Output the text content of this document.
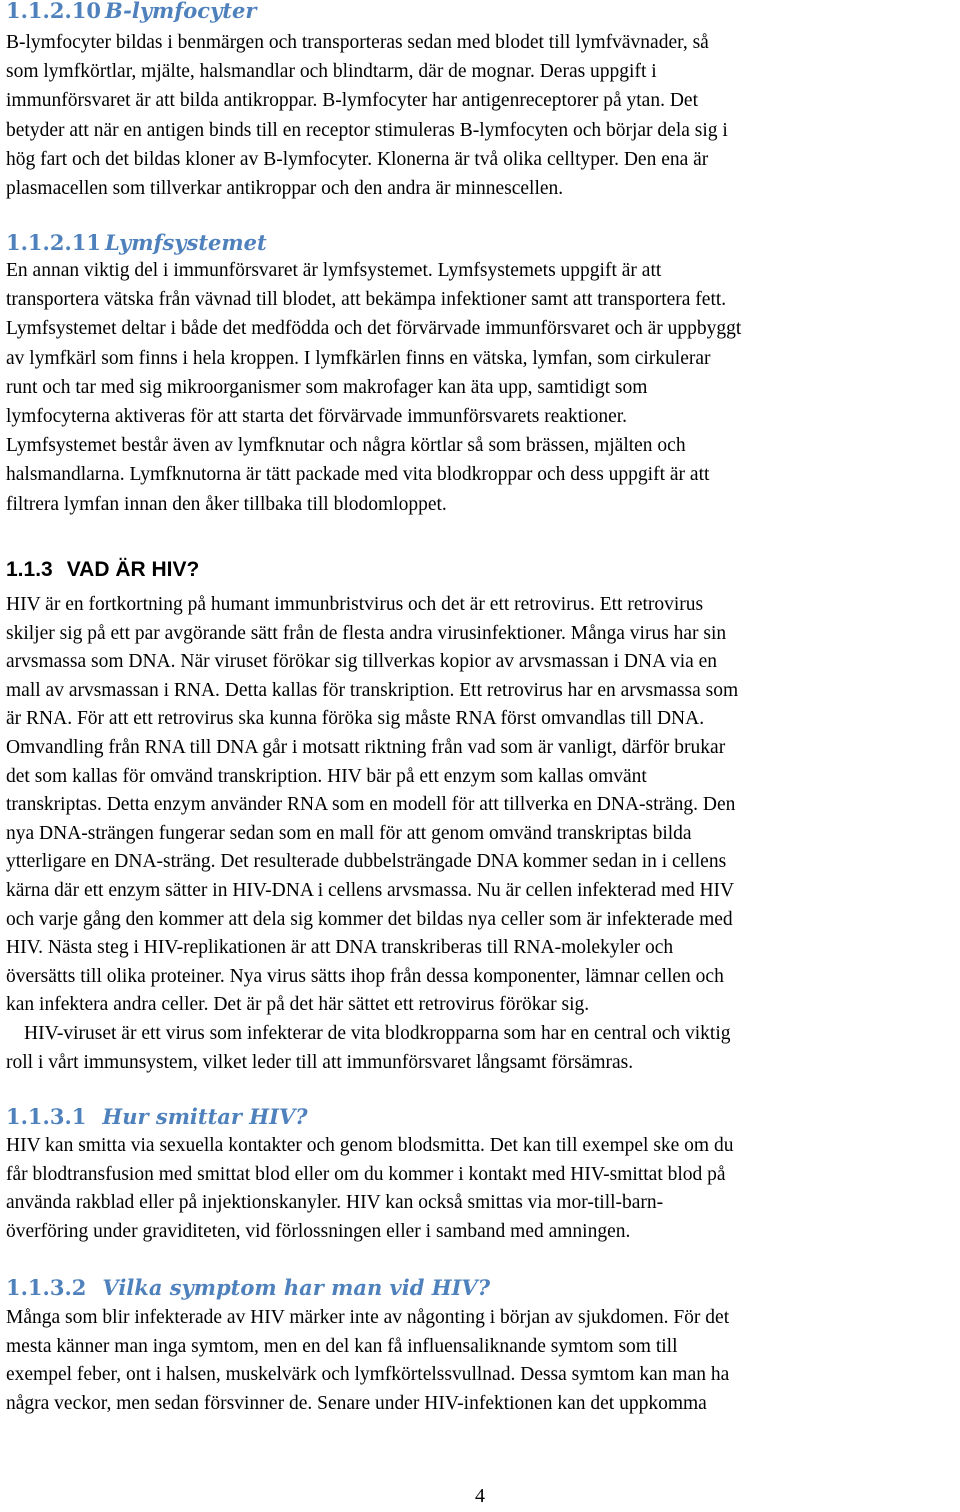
1.1.2.10 B-lymfocyter
B-lymfocyter bildas i benmärgen och transporteras sedan med blodet till lymfvävnader, så
som lymfkörtlar, mjälte, halsmandlar och blindtarm, där de mognar. Deras uppgift i
immunförsvaret är att bilda antikroppar. B-lymfocyter har antigenreceptorer på ytan. Det
betyder att när en antigen binds till en receptor stimuleras B-lymfocyten och börjar dela sig i
hög fart och det bildas kloner av B-lymfocyter. Klonerna är två olika celltyper. Den ena är
plasmacellen som tillverkar antikroppar och den andra är minnescellen.
1.1.2.11 Lymfsystemet
En annan viktig del i immunförsvaret är lymfsystemet. Lymfsystemets uppgift är att
transportera vätska från vävnad till blodet, att bekämpa infektioner samt att transportera fett.
Lymfsystemet deltar i både det medfödda och det förvärvade immunförsvaret och är uppbyggt
av lymfkärl som finns i hela kroppen. I lymfkärlen finns en vätska, lymfan, som cirkulerar
runt och tar med sig mikroorganismer som makrofager kan äta upp, samtidigt som
lymfocyterna aktiveras för att starta det förvärvade immunförsvarets reaktioner.
Lymfsystemet består även av lymfknutar och några körtlar så som brässen, mjälten och
halsmandlarna. Lymfknutorna är tätt packade med vita blodkroppar och dess uppgift är att
filtrera lymfan innan den åker tillbaka till blodomloppet.
1.1.3 VAD ÄR HIV?
HIV är en fortkortning på humant immunbristvirus och det är ett retrovirus. Ett retrovirus
skiljer sig på ett par avgörande sätt från de flesta andra virusinfektioner. Många virus har sin
arvsmassa som DNA. När viruset förökar sig tillverkas kopior av arvsmassan i DNA via en
mall av arvsmassan i RNA. Detta kallas för transkription. Ett retrovirus har en arvsmassa som
är RNA. För att ett retrovirus ska kunna föröka sig måste RNA först omvandlas till DNA.
Omvandling från RNA till DNA går i motsatt riktning från vad som är vanligt, därför brukar
det som kallas för omvänd transkription. HIV bär på ett enzym som kallas omvänt
transkriptas. Detta enzym använder RNA som en modell för att tillverka en DNA-sträng. Den
nya DNA-strängen fungerar sedan som en mall för att genom omvänd transkriptas bilda
ytterligare en DNA-sträng. Det resulterade dubbelsträngade DNA kommer sedan in i cellens
kärna där ett enzym sätter in HIV-DNA i cellens arvsmassa. Nu är cellen infekterad med HIV
och varje gång den kommer att dela sig kommer det bildas nya celler som är infekterade med
HIV. Nästa steg i HIV-replikationen är att DNA transkriberas till RNA-molekyler och
översätts till olika proteiner. Nya virus sätts ihop från dessa komponenter, lämnar cellen och
kan infektera andra celler. Det är på det här sättet ett retrovirus förökar sig.
HIV-viruset är ett virus som infekterar de vita blodkropparna som har en central och viktig
roll i vårt immunsystem, vilket leder till att immunförsvaret långsamt försämras.
1.1.3.1 Hur smittar HIV?
HIV kan smitta via sexuella kontakter och genom blodsmitta. Det kan till exempel ske om du
får blodtransfusion med smittat blod eller om du kommer i kontakt med HIV-smittat blod på
använda rakblad eller på injektionskanyler. HIV kan också smittas via mor-till-barn-
överföring under graviditeten, vid förlossningen eller i samband med amningen.
1.1.3.2 Vilka symptom har man vid HIV?
Många som blir infekterade av HIV märker inte av någonting i början av sjukdomen. För det
mesta känner man inga symtom, men en del kan få influensaliknande symtom som till
exempel feber, ont i halsen, muskelvärk och lymfkörtelssvullnad. Dessa symtom kan man ha
några veckor, men sedan försvinner de. Senare under HIV-infektionen kan det uppkomma
4
